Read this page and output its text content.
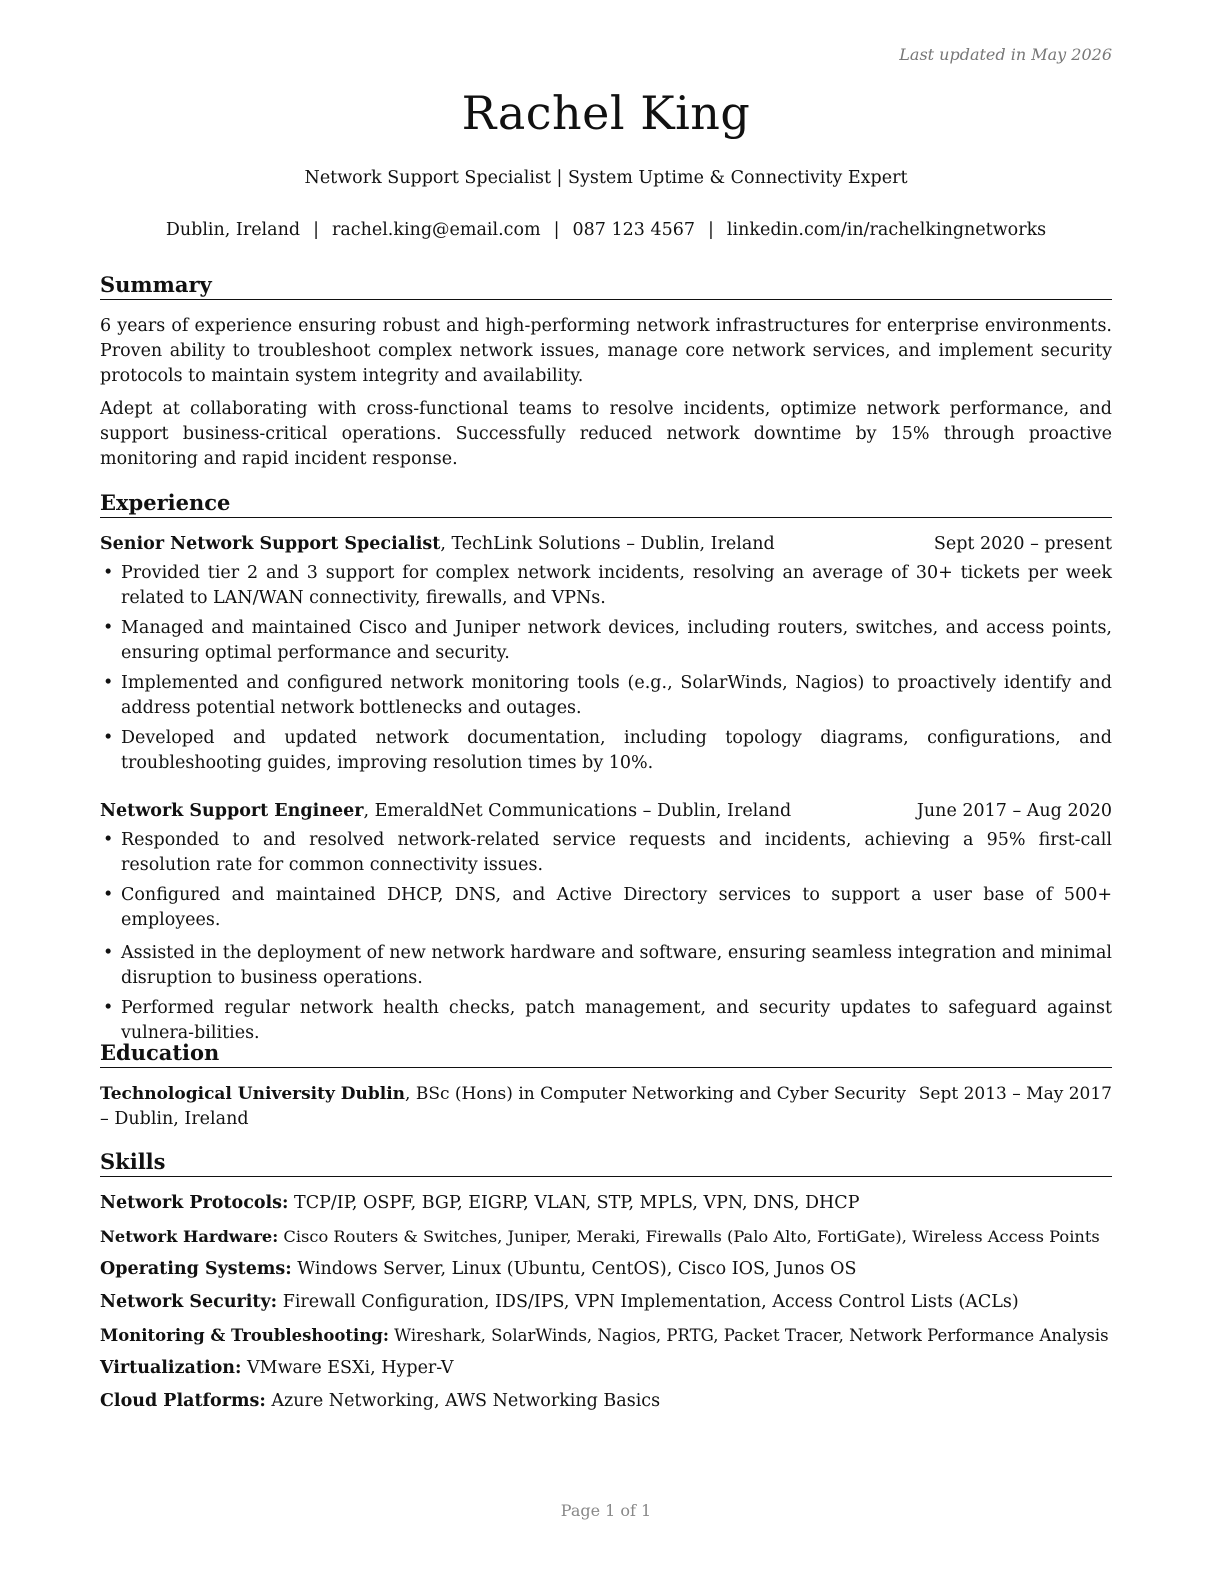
Last updated in May 2026
Rachel King
Network Support Specialist | System Uptime & Connectivity Expert
Dublin, Ireland | rachel.king@email.com | 087 123 4567 | linkedin.com/in/rachelkingnetworks
Summary

6 years of experience ensuring robust and high-performing network infrastructures for enterprise environments. Proven ability to troubleshoot complex network issues, manage core network services, and implement security protocols to maintain system integrity and availability.

Adept at collaborating with cross-functional teams to resolve incidents, optimize network performance, and support business-critical operations. Successfully reduced network downtime by 15% through proactive monitoring and rapid incident response.

Experience
Senior Network Support Specialist, TechLink Solutions – Dublin, Ireland	Sept 2020 – present
• Provided tier 2 and 3 support for complex network incidents, resolving an average of 30+ tickets per week related to LAN/WAN connectivity, firewalls, and VPNs.
• Managed and maintained Cisco and Juniper network devices, including routers, switches, and access points, ensuring optimal performance and security.
• Implemented and configured network monitoring tools (e.g., SolarWinds, Nagios) to proactively identify and address potential network bottlenecks and outages.
• Developed and updated network documentation, including topology diagrams, configurations, and troubleshooting guides, improving resolution times by 10%.
Network Support Engineer, EmeraldNet Communications – Dublin, Ireland	June 2017 – Aug 2020
• Responded to and resolved network-related service requests and incidents, achieving a 95% first-call resolution rate for common connectivity issues.
• Configured and maintained DHCP, DNS, and Active Directory services to support a user base of 500+ employees.
• Assisted in the deployment of new network hardware and software, ensuring seamless integration and minimal disruption to business operations.
• Performed regular network health checks, patch management, and security updates to safeguard against vulnera-bilities.
Education
Technological University Dublin, BSc (Hons) in Computer Networking and Cyber Security Sept 2013 – May 2017
– Dublin, Ireland
Skills
Network Protocols: TCP/IP, OSPF, BGP, EIGRP, VLAN, STP, MPLS, VPN, DNS, DHCP
Network Hardware: Cisco Routers & Switches, Juniper, Meraki, Firewalls (Palo Alto, FortiGate), Wireless Access Points
Operating Systems: Windows Server, Linux (Ubuntu, CentOS), Cisco IOS, Junos OS
Network Security: Firewall Configuration, IDS/IPS, VPN Implementation, Access Control Lists (ACLs)
Monitoring & Troubleshooting: Wireshark, SolarWinds, Nagios, PRTG, Packet Tracer, Network Performance Analysis
Virtualization: VMware ESXi, Hyper-V
Cloud Platforms: Azure Networking, AWS Networking Basics
Page 1 of 1
